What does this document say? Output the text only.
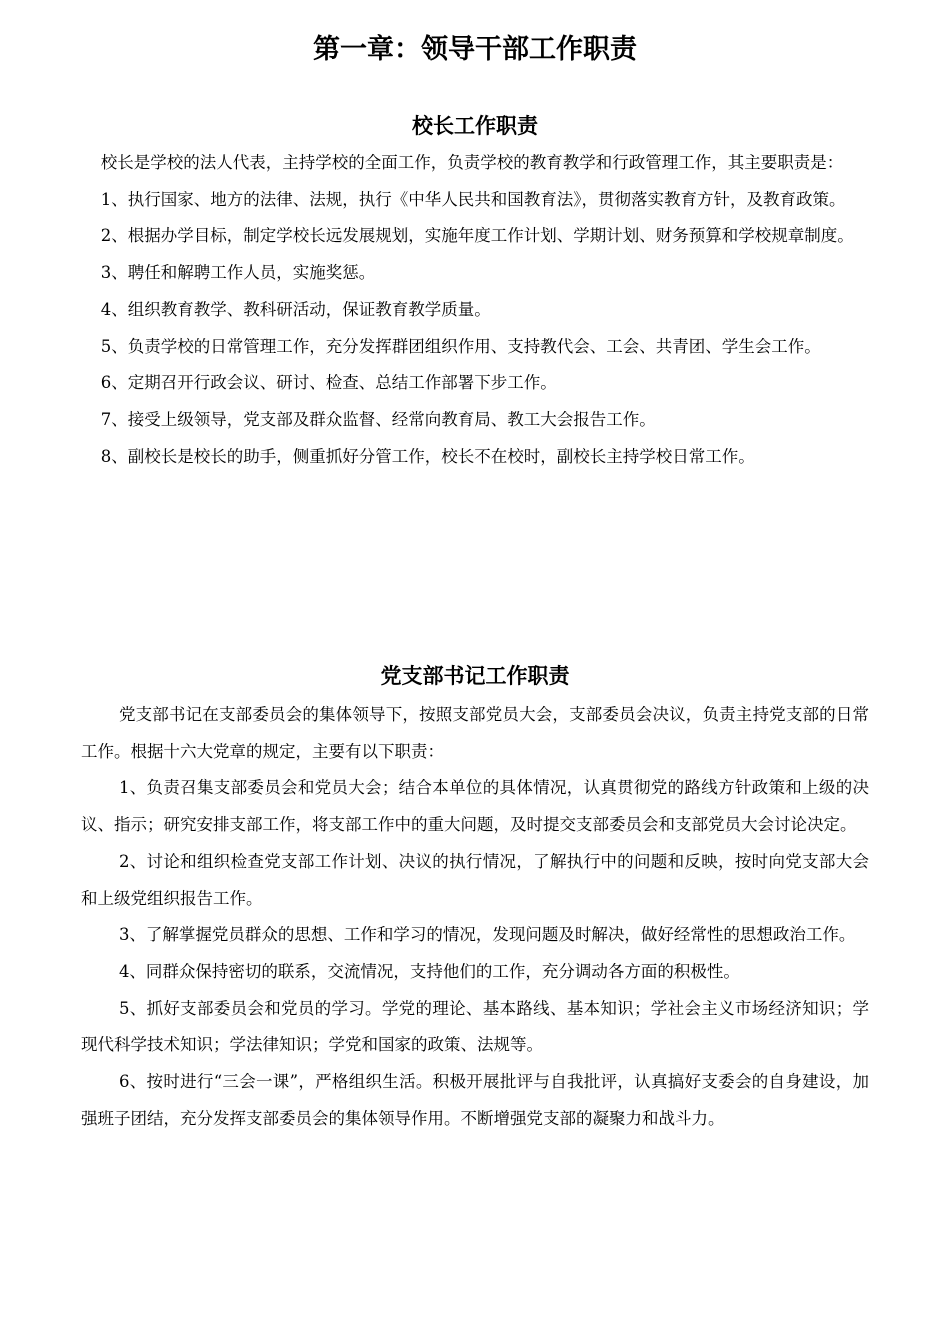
第一章：领导干部工作职责
校长工作职责

校长是学校的法人代表，主持学校的全面工作，负责学校的教育教学和行政管理工作，其主要职责是：

1、执行国家、地方的法律、法规，执行《中华人民共和国教育法》，贯彻落实教育方针，及教育政策。

2、根据办学目标，制定学校长远发展规划，实施年度工作计划、学期计划、财务预算和学校规章制度。

3、聘任和解聘工作人员，实施奖惩。

4、组织教育教学、教科研活动，保证教育教学质量。

5、负责学校的日常管理工作，充分发挥群团组织作用、支持教代会、工会、共青团、学生会工作。

6、定期召开行政会议、研讨、检查、总结工作部署下步工作。

7、接受上级领导，党支部及群众监督、经常向教育局、教工大会报告工作。

8、副校长是校长的助手，侧重抓好分管工作，校长不在校时，副校长主持学校日常工作。

党支部书记工作职责

党支部书记在支部委员会的集体领导下，按照支部党员大会，支部委员会决议，负责主持党支部的日常工作。根据十六大党章的规定，主要有以下职责：

1、负责召集支部委员会和党员大会；结合本单位的具体情况，认真贯彻党的路线方针政策和上级的决议、指示；研究安排支部工作，将支部工作中的重大问题，及时提交支部委员会和支部党员大会讨论决定。

2、讨论和组织检查党支部工作计划、决议的执行情况，了解执行中的问题和反映，按时向党支部大会和上级党组织报告工作。

3、了解掌握党员群众的思想、工作和学习的情况，发现问题及时解决，做好经常性的思想政治工作。

4、同群众保持密切的联系，交流情况，支持他们的工作，充分调动各方面的积极性。

5、抓好支部委员会和党员的学习。学党的理论、基本路线、基本知识；学社会主义市场经济知识；学现代科学技术知识；学法律知识；学党和国家的政策、法规等。

6、按时进行“三会一课”，严格组织生活。积极开展批评与自我批评，认真搞好支委会的自身建设，加强班子团结，充分发挥支部委员会的集体领导作用。不断增强党支部的凝聚力和战斗力。
